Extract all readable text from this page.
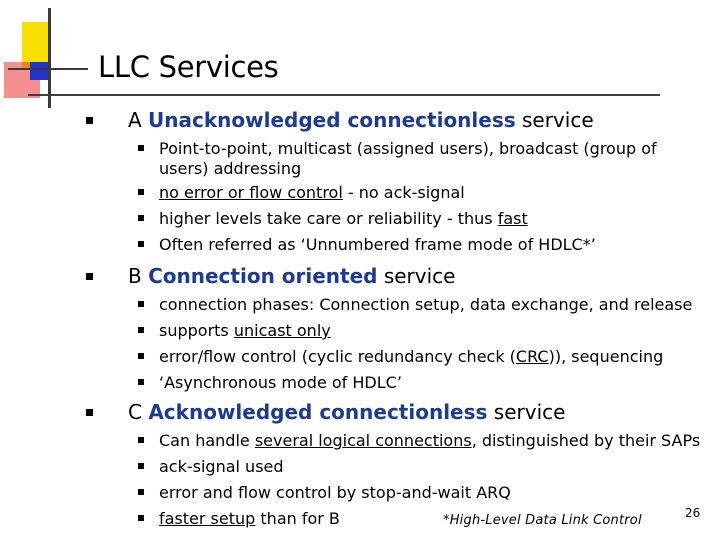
LLC Services
A Unacknowledged connectionless service
Point-to-point, multicast (assigned users), broadcast (group of
users) addressing
no error or flow control - no ack-signal
higher levels take care or reliability - thus fast
Often referred as ‘Unnumbered frame mode of HDLC*’
B Connection oriented service
connection phases: Connection setup, data exchange, and release
supports unicast only
error/flow control (cyclic redundancy check (CRC)), sequencing
‘Asynchronous mode of HDLC’
C Acknowledged connectionless service
Can handle several logical connections, distinguished by their SAPs
ack-signal used
error and flow control by stop-and-wait ARQ
faster setup than for B	*High-Level Data Link Control	26
